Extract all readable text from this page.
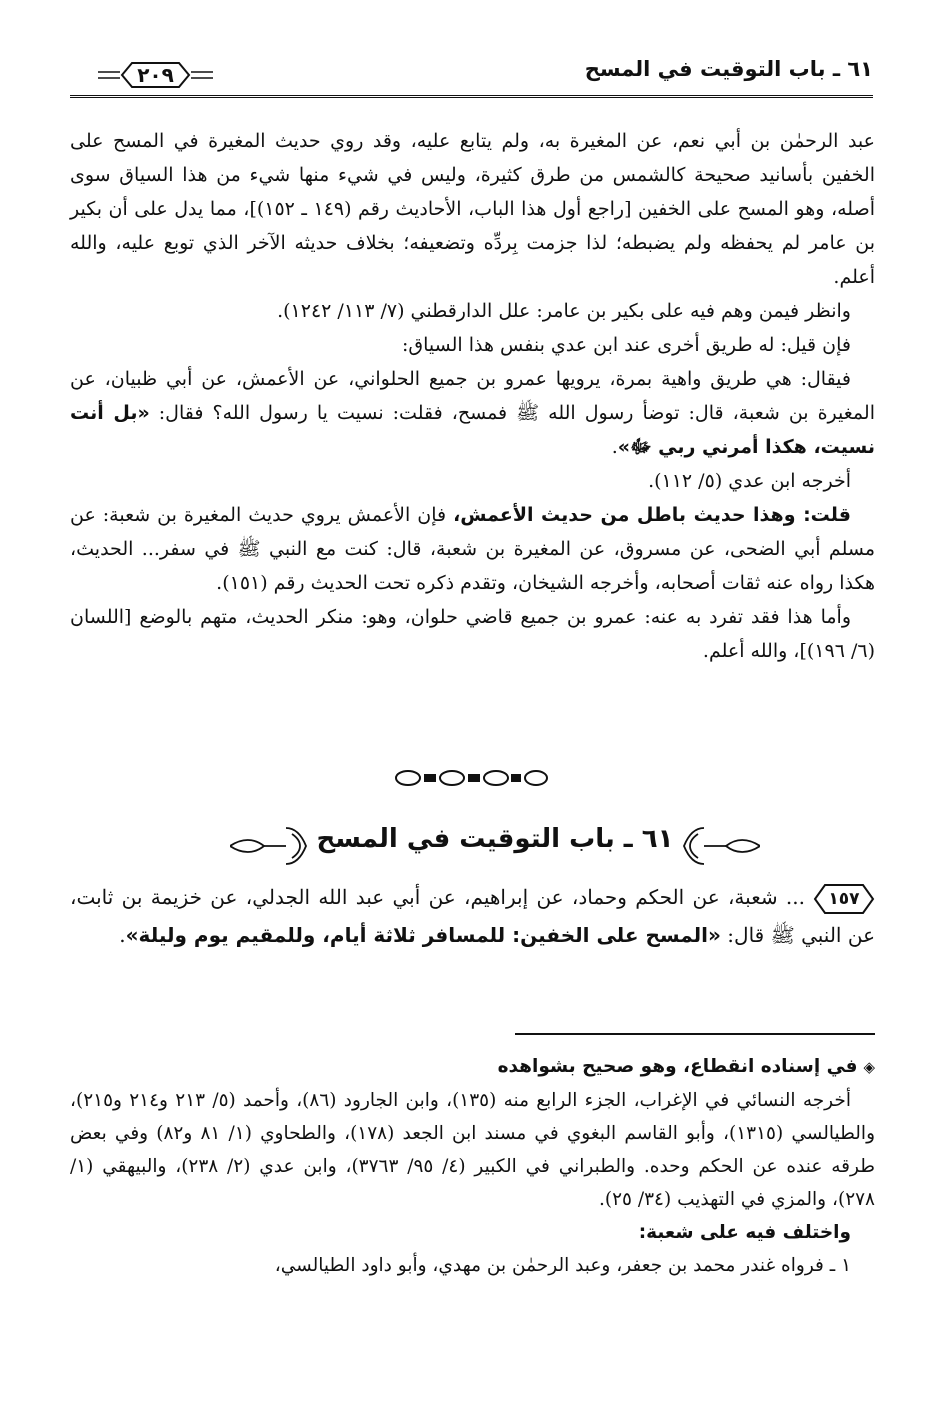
٦١ ـ باب التوقيت في المسح
٢٠٩

عبد الرحمٰن بن أبي نعم، عن المغيرة به، ولم يتابع عليه، وقد روي حديث المغيرة في المسح على الخفين بأسانيد صحيحة كالشمس من طرق كثيرة، وليس في شيء منها شيء من هذا السياق سوى أصله، وهو المسح على الخفين [راجع أول هذا الباب، الأحاديث رقم (١٤٩ ـ ١٥٢)]، مما يدل على أن بكير بن عامر لم يحفظه ولم يضبطه؛ لذا جزمت بِردِّه وتضعيفه؛ بخلاف حديثه الآخر الذي توبع عليه، والله أعلم.

وانظر فيمن وهم فيه على بكير بن عامر: علل الدارقطني (٧/ ١١٣/ ١٢٤٢).

فإن قيل: له طريق أخرى عند ابن عدي بنفس هذا السياق:

فيقال: هي طريق واهية بمرة، يرويها عمرو بن جميع الحلواني، عن الأعمش، عن أبي ظبيان، عن المغيرة بن شعبة، قال: توضأ رسول الله ﷺ فمسح، فقلت: نسيت يا رسول الله؟ فقال: «بل أنت نسيت، هكذا أمرني ربي ﷻ».

أخرجه ابن عدي (٥/ ١١٢).

قلت: وهذا حديث باطل من حديث الأعمش، فإن الأعمش يروي حديث المغيرة بن شعبة: عن مسلم أبي الضحى، عن مسروق، عن المغيرة بن شعبة، قال: كنت مع النبي ﷺ في سفر... الحديث، هكذا رواه عنه ثقات أصحابه، وأخرجه الشيخان، وتقدم ذكره تحت الحديث رقم (١٥١).

وأما هذا فقد تفرد به عنه: عمرو بن جميع قاضي حلوان، وهو: منكر الحديث، متهم بالوضع [اللسان (٦/ ١٩٦)]، والله أعلم.

٦١ ـ باب التوقيت في المسح

١٥٧
... شعبة، عن الحكم وحماد، عن إبراهيم، عن أبي عبد الله الجدلي، عن خزيمة بن ثابت، عن النبي ﷺ قال: «المسح على الخفين: للمسافر ثلاثة أيام، وللمقيم يوم وليلة».

◈في إسناده انقطاع، وهو صحيح بشواهده

أخرجه النسائي في الإغراب، الجزء الرابع منه (١٣٥)، وابن الجارود (٨٦)، وأحمد (٥/ ٢١٣ و٢١٤ و٢١٥)، والطيالسي (١٣١٥)، وأبو القاسم البغوي في مسند ابن الجعد (١٧٨)، والطحاوي (١/ ٨١ و٨٢) وفي بعض طرقه عنده عن الحكم وحده. والطبراني في الكبير (٤/ ٩٥/ ٣٧٦٣)، وابن عدي (٢/ ٢٣٨)، والبيهقي (١/ ٢٧٨)، والمزي في التهذيب (٣٤/ ٢٥).

واختلف فيه على شعبة:

١ ـ فرواه غندر محمد بن جعفر، وعبد الرحمٰن بن مهدي، وأبو داود الطيالسي،
